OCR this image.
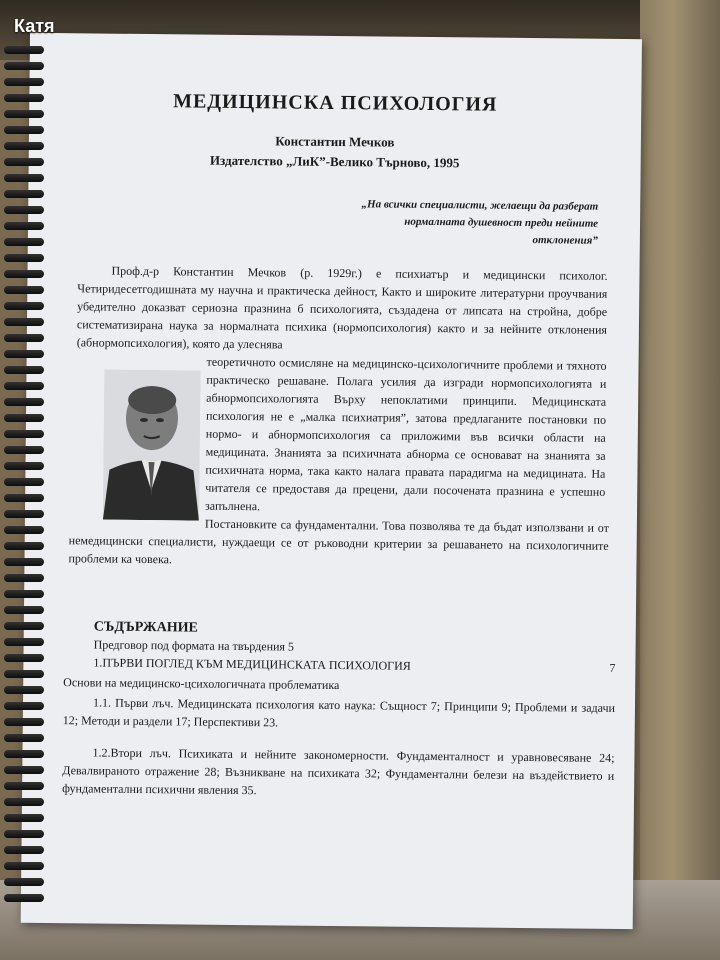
МЕДИЦИНСКА ПСИХОЛОГИЯ
Константин Мечков
Издателство „ЛиК”-Велико Търново, 1995
„На всички специалисти, желаещи да разберат нормалната душевност преди нейните отклонения”
Проф.д-р Константин Мечков (р. 1929г.) е психиатър и медицински психолог. Четиридесетгодишната му научна и практическа дейност, Както и широките литературни проучвания убедително доказват сериозна празнина б психологията, създадена от липсата на стройна, добре систематизирана наука за нормалната психика (нормопсихология) както и за нейните отклонения (абнормопсихология), която да улеснява
теоретичното осмисляне на медицинско-цсихологичните проблеми и тяхното практическо решаване. Полага усилия да изгради нормопсихологията и абнормопсихологията Върху непоклатими принципи. Медицинската психология не е „малка психиатрия”, затова предлаганите постановки по нормо- и абнормопсихология са приложими във всички области на медицината. Знанията за психичната абнорма се основават на знанията за психичната норма, така както налага правата парадигма на медицината. На читателя се предоставя да прецени, дали посочената празнина е успешно запълнена.
Постановките са фундаментални. Това позволява те да бъдат използвани и от немедицински специалисти, нуждаещи се от ръководни критерии за решаването на психологичните проблеми ка човека.
СЪДЪРЖАНИЕ
Предговор под формата на твърдения 5
1.ПЪРВИ ПОГЛЕД КЪМ МЕДИЦИНСКАТА ПСИХОЛОГИЯ	7
Основи на медицинско-цсихологичната проблематика
1.1. Първи лъч. Медицинската психология като наука: Същност 7; Принципи 9; Проблеми и задачи 12; Методи и раздели 17; Перспективи 23.
1.2.Втори лъч. Психиката и нейните закономерности. Фундаменталност и уравновесяване 24; Девалвираното отражение 28; Възникване на психиката 32; Фундаментални белези на въздействието и фундаментални психични явления 35.
Катя
